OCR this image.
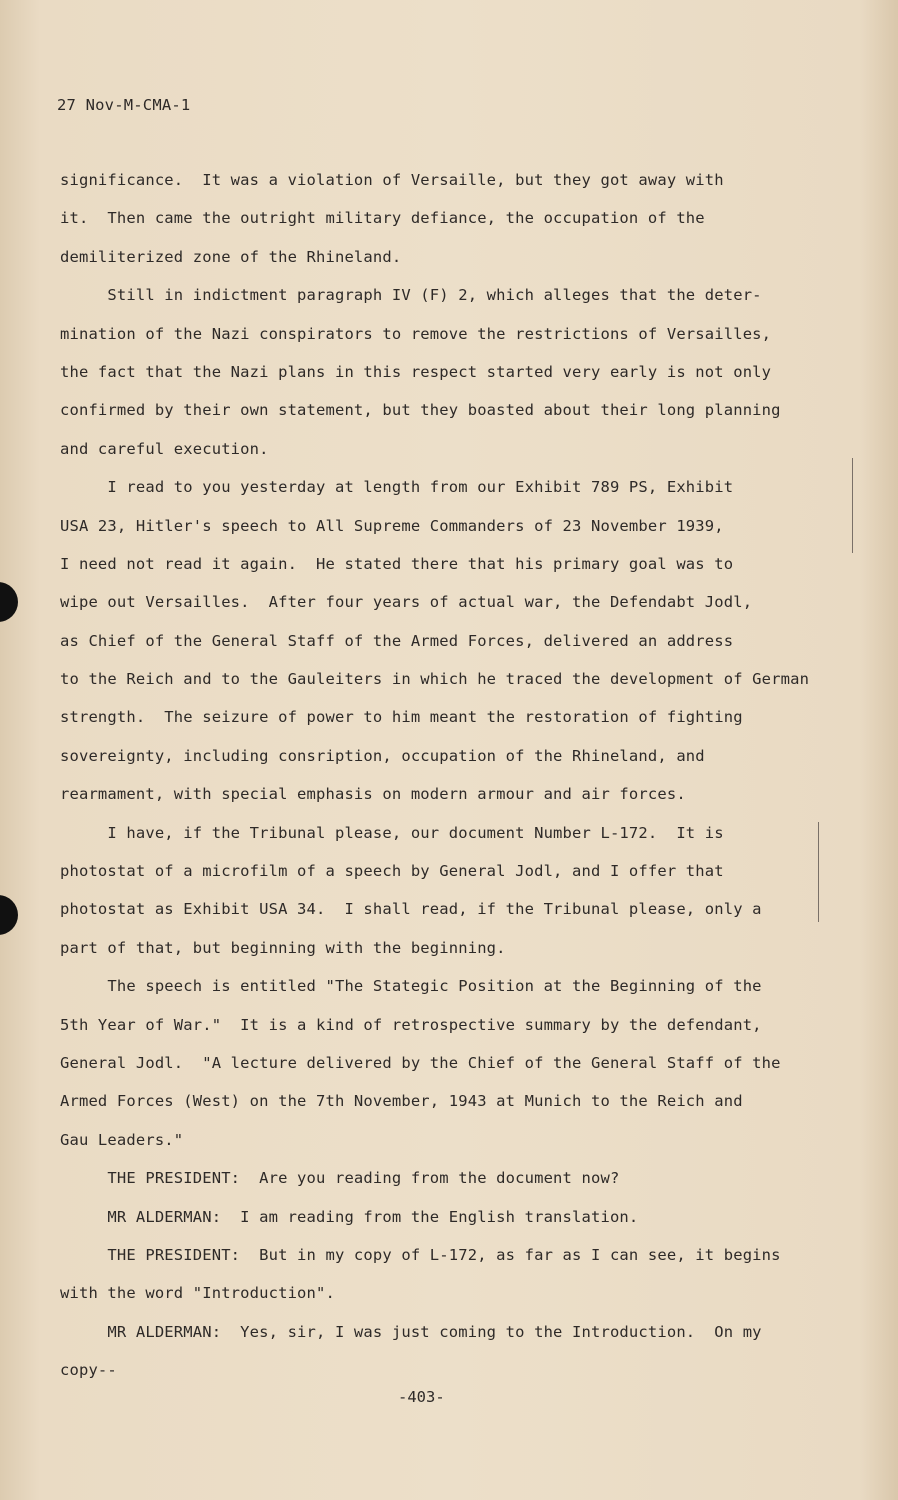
27 Nov-M-CMA-1
significance.  It was a violation of Versaille, but they got away with
it.  Then came the outright military defiance, the occupation of the
demiliterized zone of the Rhineland.
Still in indictment paragraph IV (F) 2, which alleges that the deter-
mination of the Nazi conspirators to remove the restrictions of Versailles,
the fact that the Nazi plans in this respect started very early is not only
confirmed by their own statement, but they boasted about their long planning
and careful execution.
I read to you yesterday at length from our Exhibit 789 PS, Exhibit
USA 23, Hitler's speech to All Supreme Commanders of 23 November 1939,
I need not read it again.  He stated there that his primary goal was to
wipe out Versailles.  After four years of actual war, the Defendabt Jodl,
as Chief of the General Staff of the Armed Forces, delivered an address
to the Reich and to the Gauleiters in which he traced the development of German
strength.  The seizure of power to him meant the restoration of fighting
sovereignty, including consription, occupation of the Rhineland, and
rearmament, with special emphasis on modern armour and air forces.
I have, if the Tribunal please, our document Number L-172.  It is
photostat of a microfilm of a speech by General Jodl, and I offer that
photostat as Exhibit USA 34.  I shall read, if the Tribunal please, only a
part of that, but beginning with the beginning.
The speech is entitled "The Stategic Position at the Beginning of the
5th Year of War."  It is a kind of retrospective summary by the defendant,
General Jodl.  "A lecture delivered by the Chief of the General Staff of the
Armed Forces (West) on the 7th November, 1943 at Munich to the Reich and
Gau Leaders."
THE PRESIDENT:  Are you reading from the document now?
MR ALDERMAN:  I am reading from the English translation.
THE PRESIDENT:  But in my copy of L-172, as far as I can see, it begins
with the word "Introduction".
MR ALDERMAN:  Yes, sir, I was just coming to the Introduction.  On my
copy--
-403-
